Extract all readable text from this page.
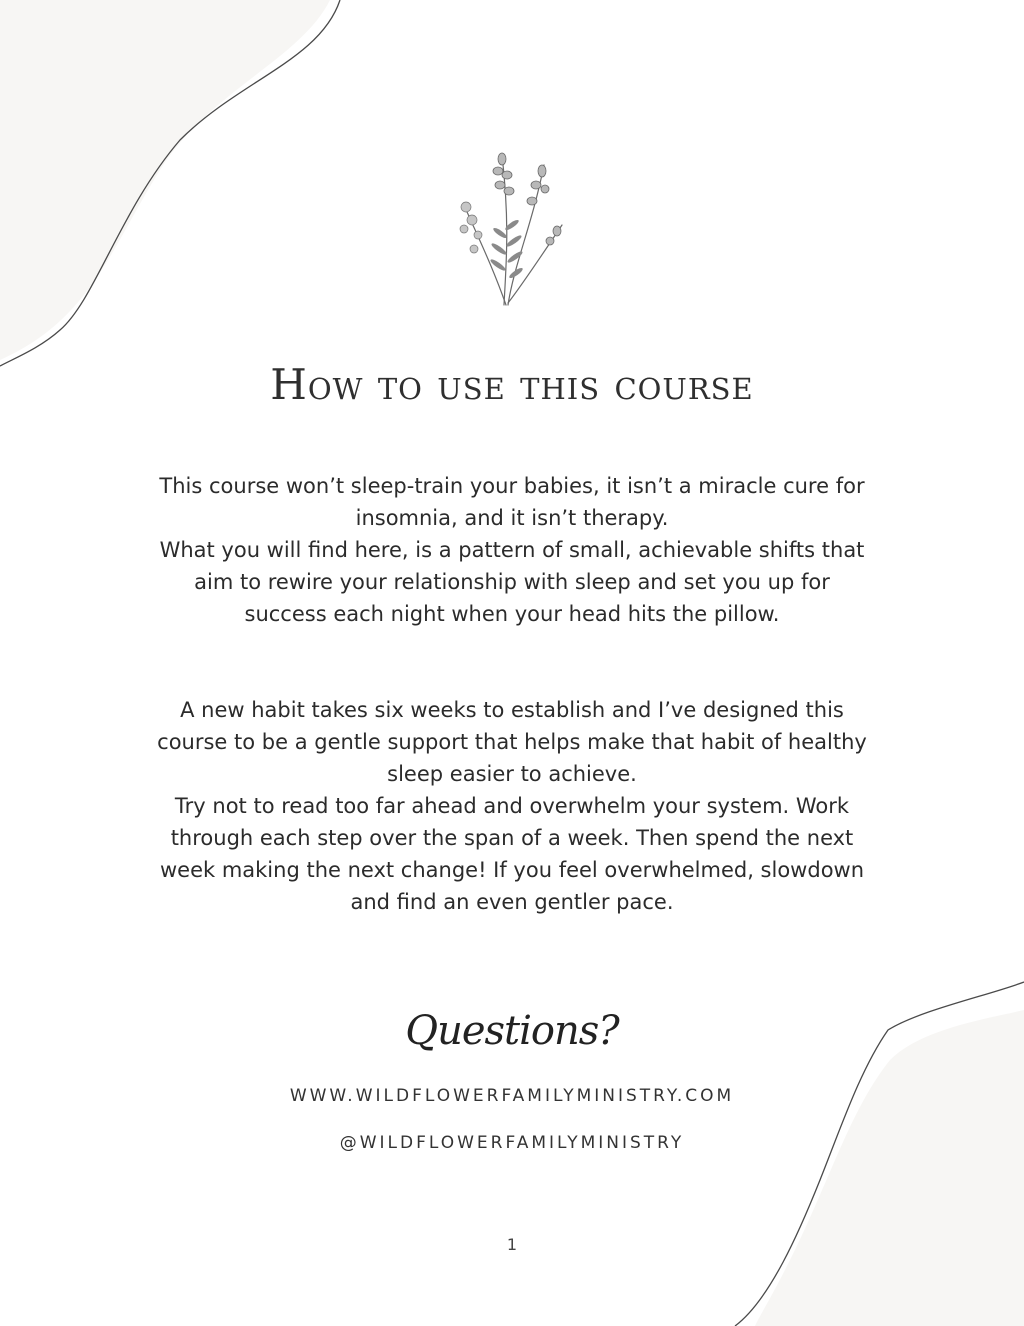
How to use this course

This course won’t sleep-train your babies, it isn’t a miracle cure for insomnia, and it isn’t therapy.
What you will find here, is a pattern of small, achievable shifts that aim to rewire your relationship with sleep and set you up for success each night when your head hits the pillow.

A new habit takes six weeks to establish and I’ve designed this course to be a gentle support that helps make that habit of healthy sleep easier to achieve.
Try not to read too far ahead and overwhelm your system. Work through each step over the span of a week. Then spend the next week making the next change! If you feel overwhelmed, slowdown and find an even gentler pace.

Questions?
WWW.WILDFLOWERFAMILYMINISTRY.COM
@WILDFLOWERFAMILYMINISTRY
1
